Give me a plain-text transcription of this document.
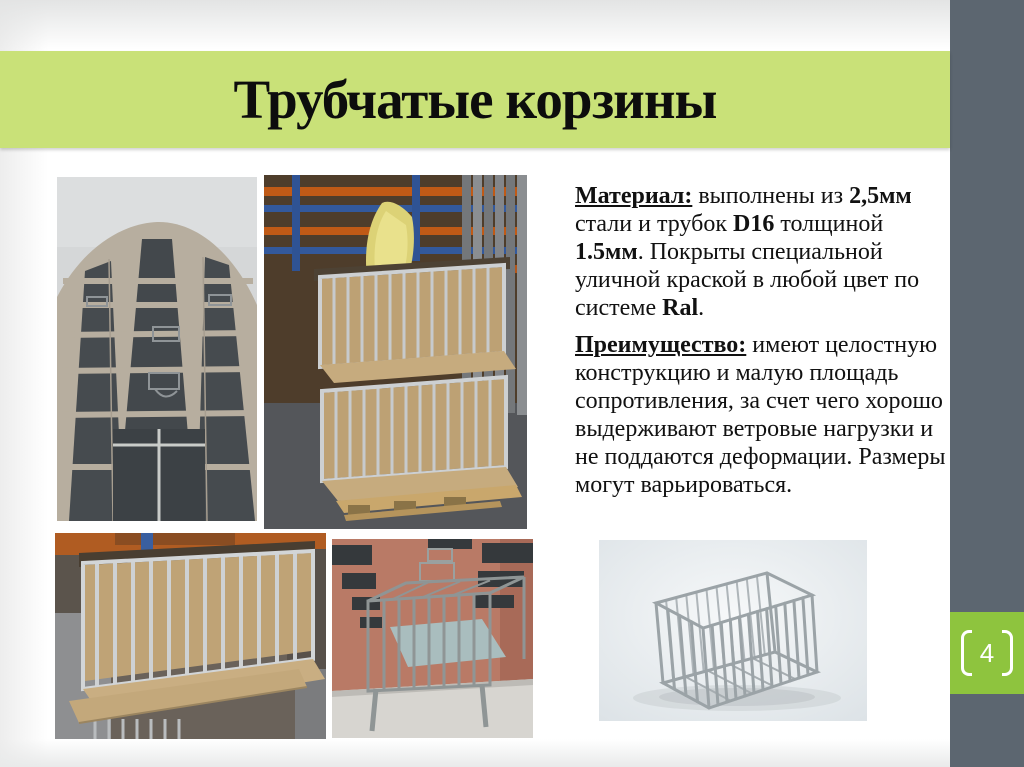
4
Трубчатые корзины

Материал: выполнены из 2,5мм стали и трубок D16 толщиной 1.5мм. Покрыты специальной уличной краской в любой цвет по системе Ral.

Преимущество: имеют целостную конструкцию и малую площадь сопротивления, за счет чего хорошо выдерживают ветровые нагрузки и не поддаются деформации. Размеры могут варьироваться.
